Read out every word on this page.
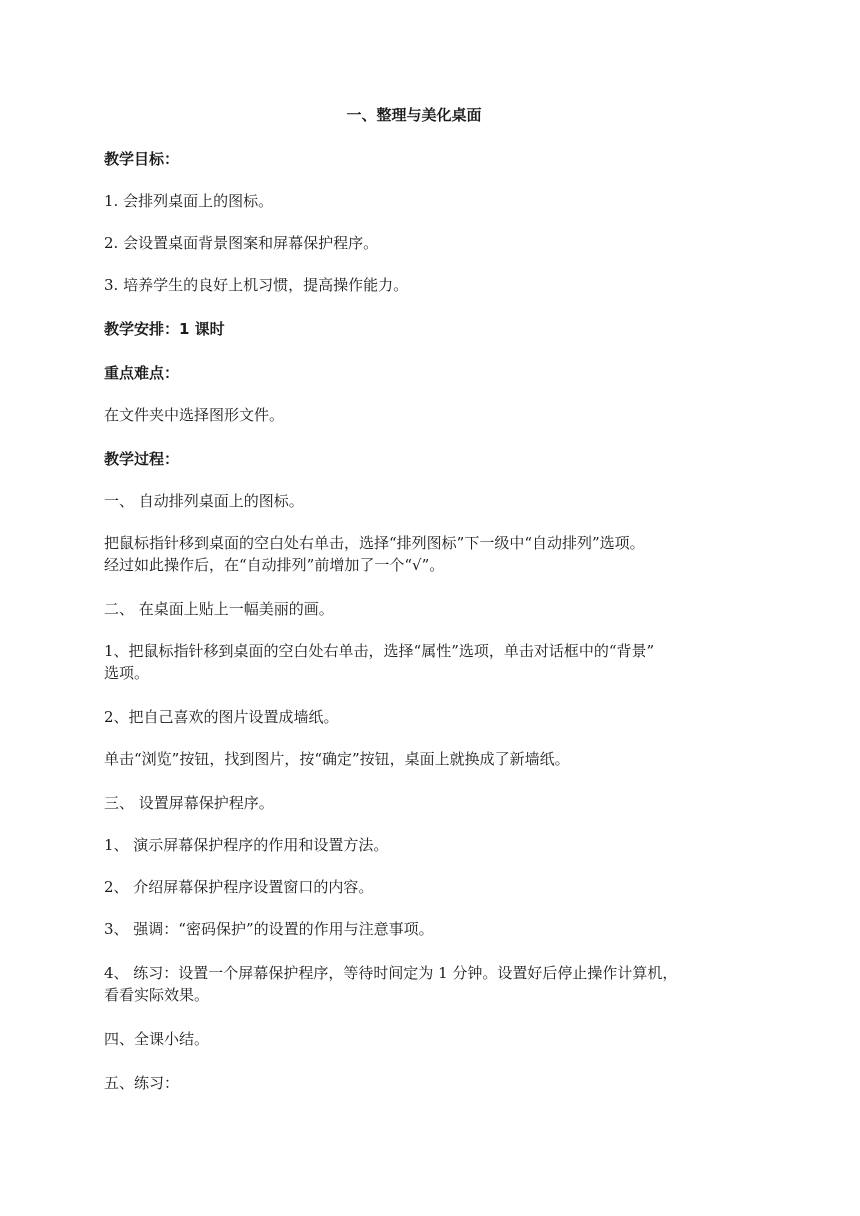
一、整理与美化桌面
教学目标：
1. 会排列桌面上的图标。
2. 会设置桌面背景图案和屏幕保护程序。
3. 培养学生的良好上机习惯，提高操作能力。
教学安排：1 课时
重点难点：
在文件夹中选择图形文件。
教学过程：
一、 自动排列桌面上的图标。
把鼠标指针移到桌面的空白处右单击，选择“排列图标”下一级中“自动排列”选项。
经过如此操作后，在“自动排列”前增加了一个“√”。
二、 在桌面上贴上一幅美丽的画。
1、把鼠标指针移到桌面的空白处右单击，选择“属性”选项，单击对话框中的“背景”
选项。
2、把自己喜欢的图片设置成墙纸。
单击“浏览”按钮，找到图片，按“确定”按钮，桌面上就换成了新墙纸。
三、 设置屏幕保护程序。
1、 演示屏幕保护程序的作用和设置方法。
2、 介绍屏幕保护程序设置窗口的内容。
3、 强调：“密码保护”的设置的作用与注意事项。
4、 练习：设置一个屏幕保护程序，等待时间定为 1 分钟。设置好后停止操作计算机，
看看实际效果。
四、全课小结。
五、练习：
